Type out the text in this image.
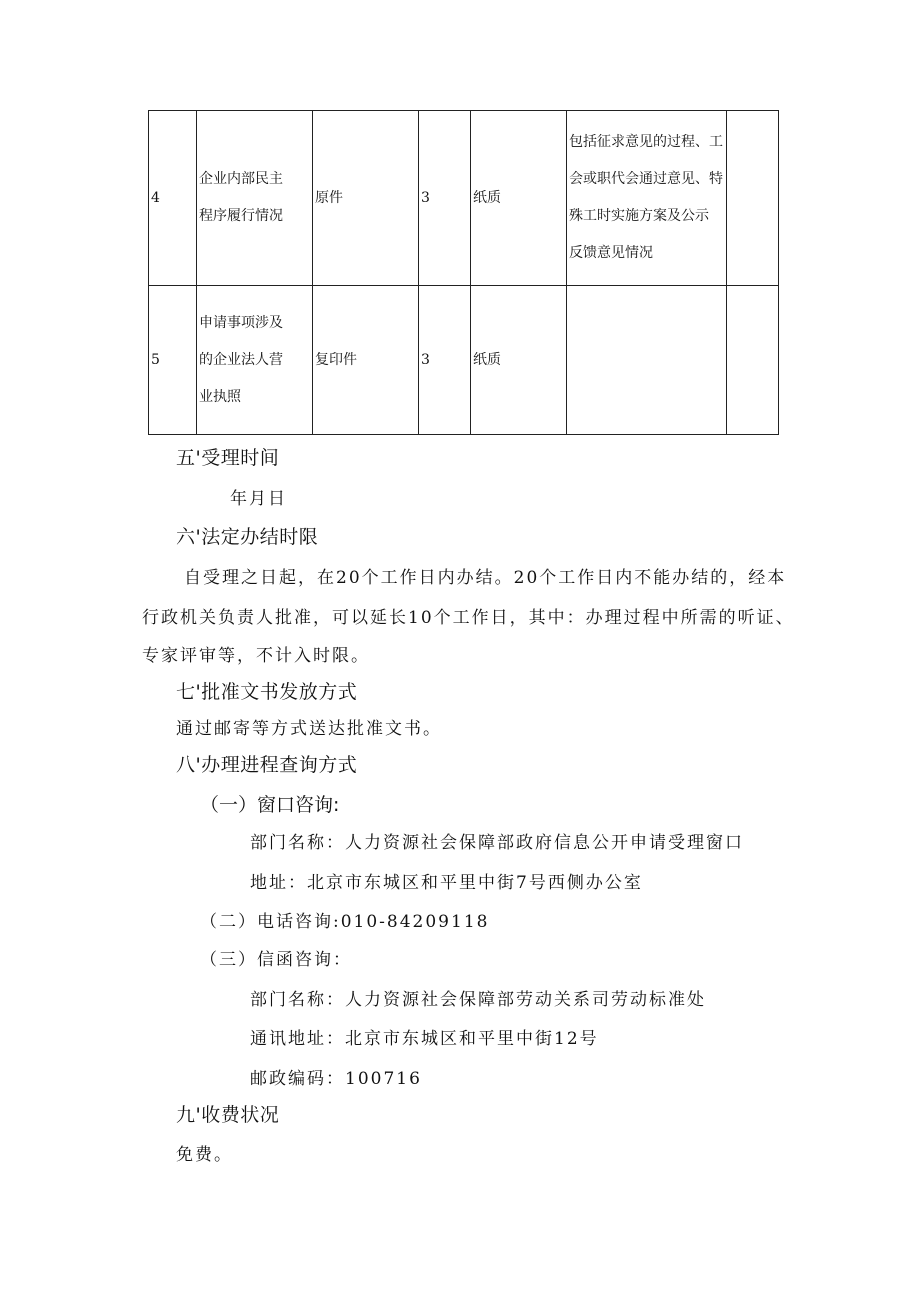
4	企业内部民主
程序履行情况	原件	3	纸质	包括征求意见的过程、工
会或职代会通过意见、特
殊工时实施方案及公示
反馈意见情况	

5	申请事项涉及
的企业法人营
业执照	复印件	3	纸质		
五'受理时间
年月日
六'法定办结时限
自受理之日起，在20个工作日内办结。20个工作日内不能办结的，经本
行政机关负责人批准，可以延长10个工作日，其中：办理过程中所需的听证、
专家评审等，不计入时限。
七'批准文书发放方式
通过邮寄等方式送达批准文书。
八'办理进程查询方式
（一）窗口咨询:
部门名称：人力资源社会保障部政府信息公开申请受理窗口
地址：北京市东城区和平里中街7号西侧办公室
（二）电话咨询:010-84209118
（三）信函咨询：
部门名称：人力资源社会保障部劳动关系司劳动标准处
通讯地址：北京市东城区和平里中街12号
邮政编码：100716
九'收费状况
免费。
